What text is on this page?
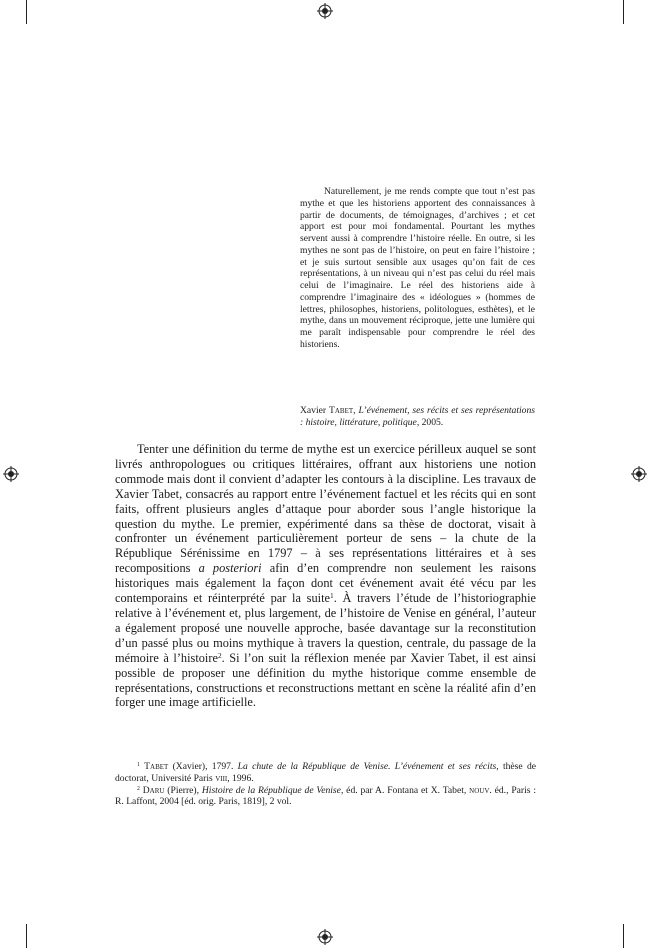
Naturellement, je me rends compte que tout n’est pas mythe et que les historiens apportent des connaissances à partir de documents, de témoignages, d’archives ; et cet apport est pour moi fondamental. Pourtant les mythes servent aussi à comprendre l’histoire réelle. En outre, si les mythes ne sont pas de l’histoire, on peut en faire l’histoire ; et je suis surtout sensible aux usages qu’on fait de ces représentations, à un niveau qui n’est pas celui du réel mais celui de l’imaginaire. Le réel des historiens aide à comprendre l’imaginaire des « idéologues » (hommes de lettres, philosophes, historiens, politologues, esthètes), et le mythe, dans un mouvement réciproque, jette une lumière qui me paraît indispensable pour comprendre le réel des historiens.

Xavier Tabet, L’événement, ses récits et ses représentations : histoire, littérature, politique, 2005.

Tenter une définition du terme de mythe est un exercice périlleux auquel se sont livrés anthropologues ou critiques littéraires, offrant aux historiens une notion commode mais dont il convient d’adapter les contours à la discipline. Les travaux de Xavier Tabet, consacrés au rapport entre l’événement factuel et les récits qui en sont faits, offrent plusieurs angles d’attaque pour aborder sous l’angle historique la question du mythe. Le premier, expérimenté dans sa thèse de doctorat, visait à confronter un événement particulièrement porteur de sens – la chute de la République Sérénissime en 1797 – à ses représentations littéraires et à ses recompositions a posteriori afin d’en comprendre non seulement les raisons historiques mais également la façon dont cet événement avait été vécu par les contemporains et réinterprété par la suite$^1$. À travers l’étude de l’historiographie relative à l’événement et, plus largement, de l’histoire de Venise en général, l’auteur a également proposé une nouvelle approche, basée davantage sur la reconstitution d’un passé plus ou moins mythique à travers la question, centrale, du passage de la mémoire à l’histoire$^2$. Si l’on suit la réflexion menée par Xavier Tabet, il est ainsi possible de proposer une définition du mythe historique comme ensemble de représentations, constructions et reconstructions mettant en scène la réalité afin d’en forger une image artificielle.

$^1$ Tabet (Xavier), 1797. La chute de la République de Venise. L’événement et ses récits, thèse de doctorat, Université Paris viii, 1996.

$^2$ Daru (Pierre), Histoire de la République de Venise, éd. par A. Fontana et X. Tabet, nouv. éd., Paris : R. Laffont, 2004 [éd. orig. Paris, 1819], 2 vol.
